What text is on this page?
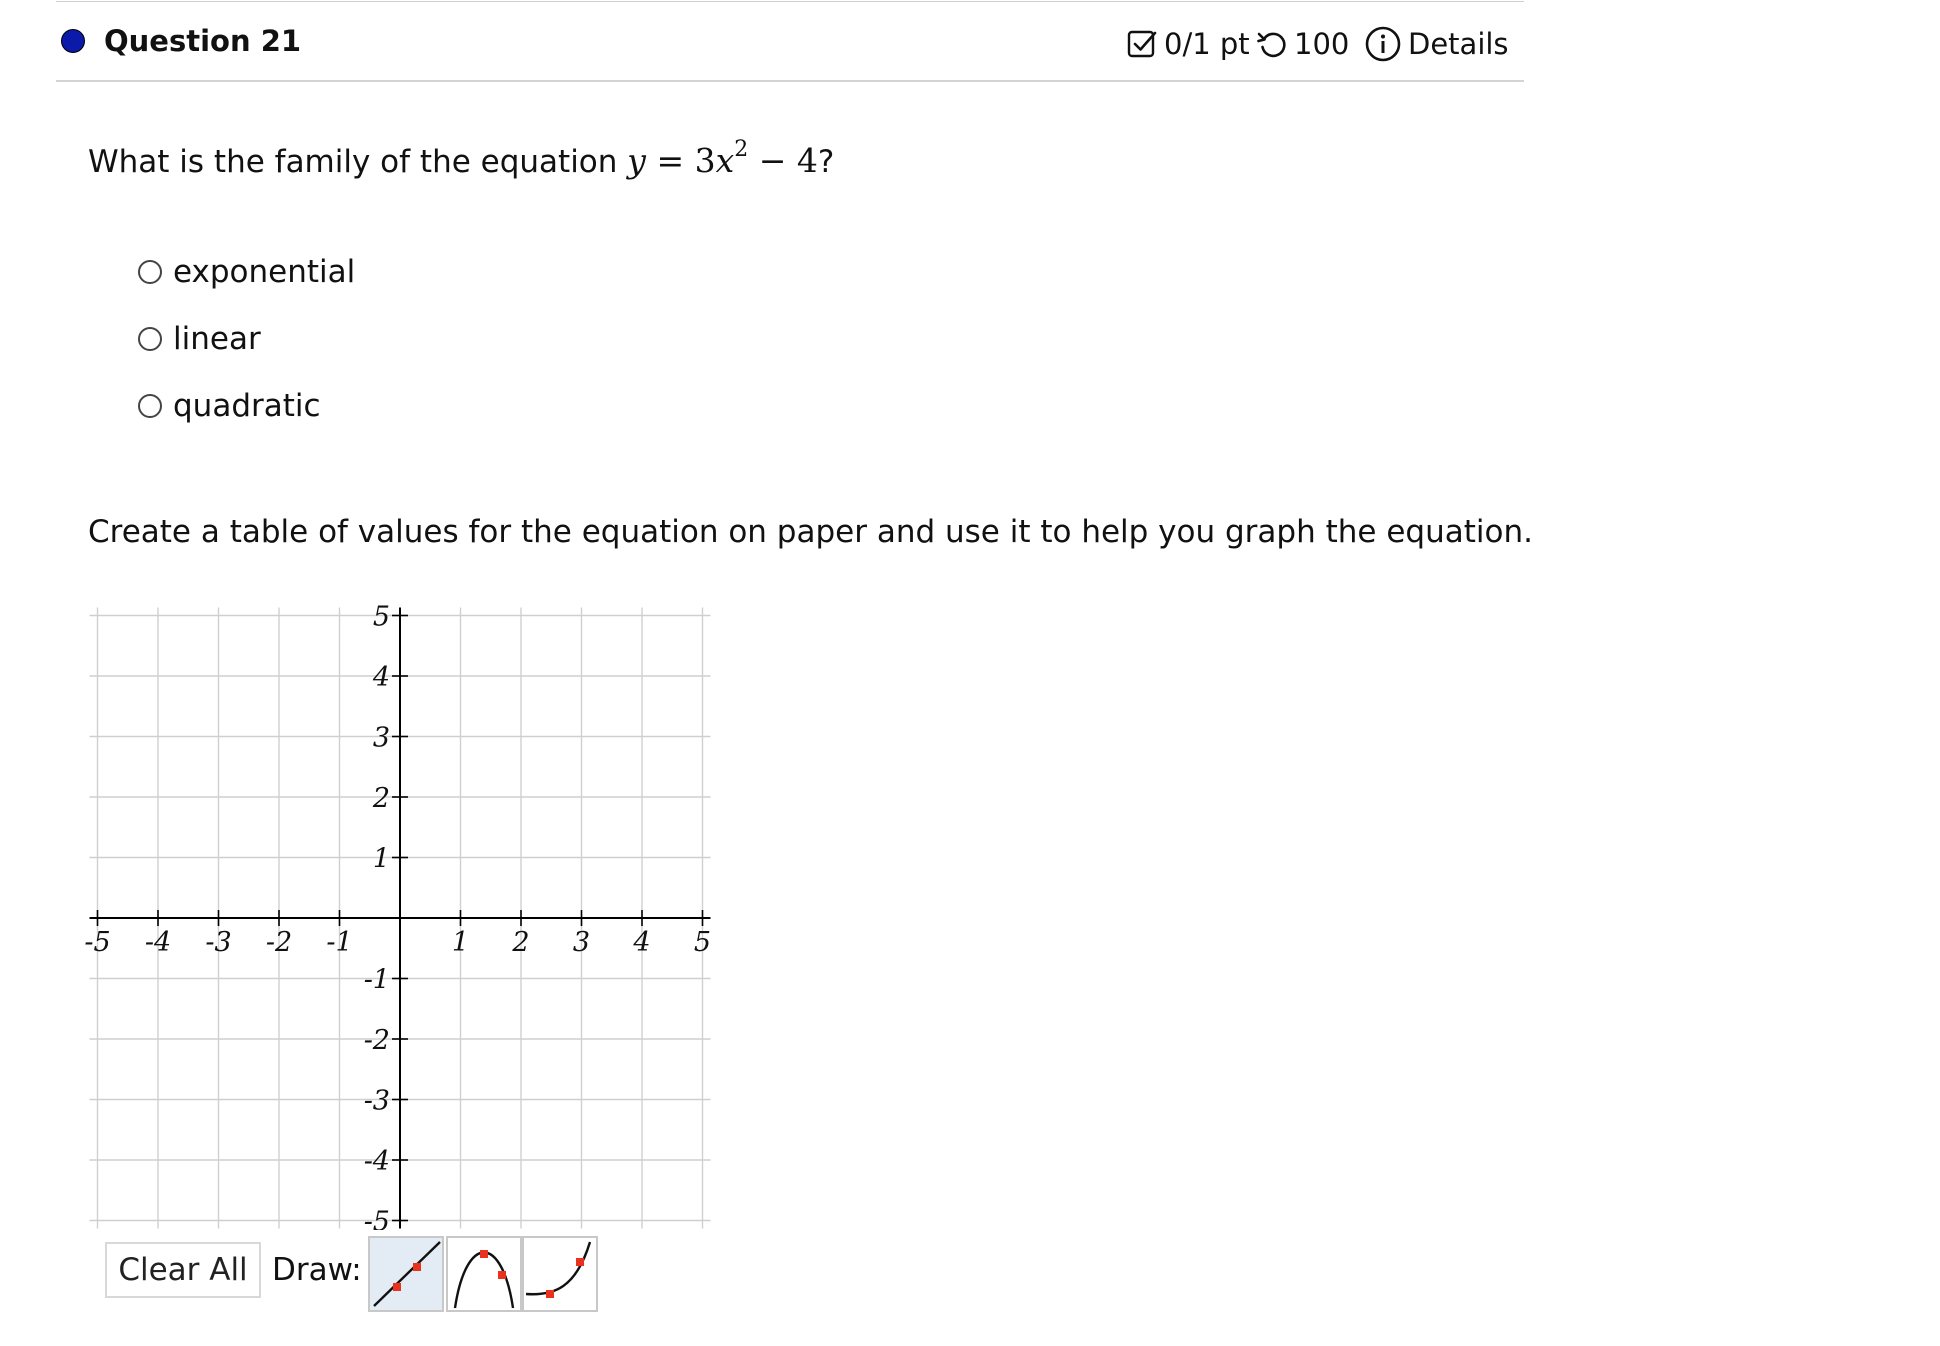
Question 21	0/1 pt 100 Details
What is the family of the equation $y = 3x^2 - 4$?
exponential
linear
quadratic
Create a table of values for the equation on paper and use it to help you graph the equation.
-5 -4 -3 -2 -1	1 2 3 4 5
5
4
3
2
1
-1
-2
-3
-4
-5
Clear All Draw:
